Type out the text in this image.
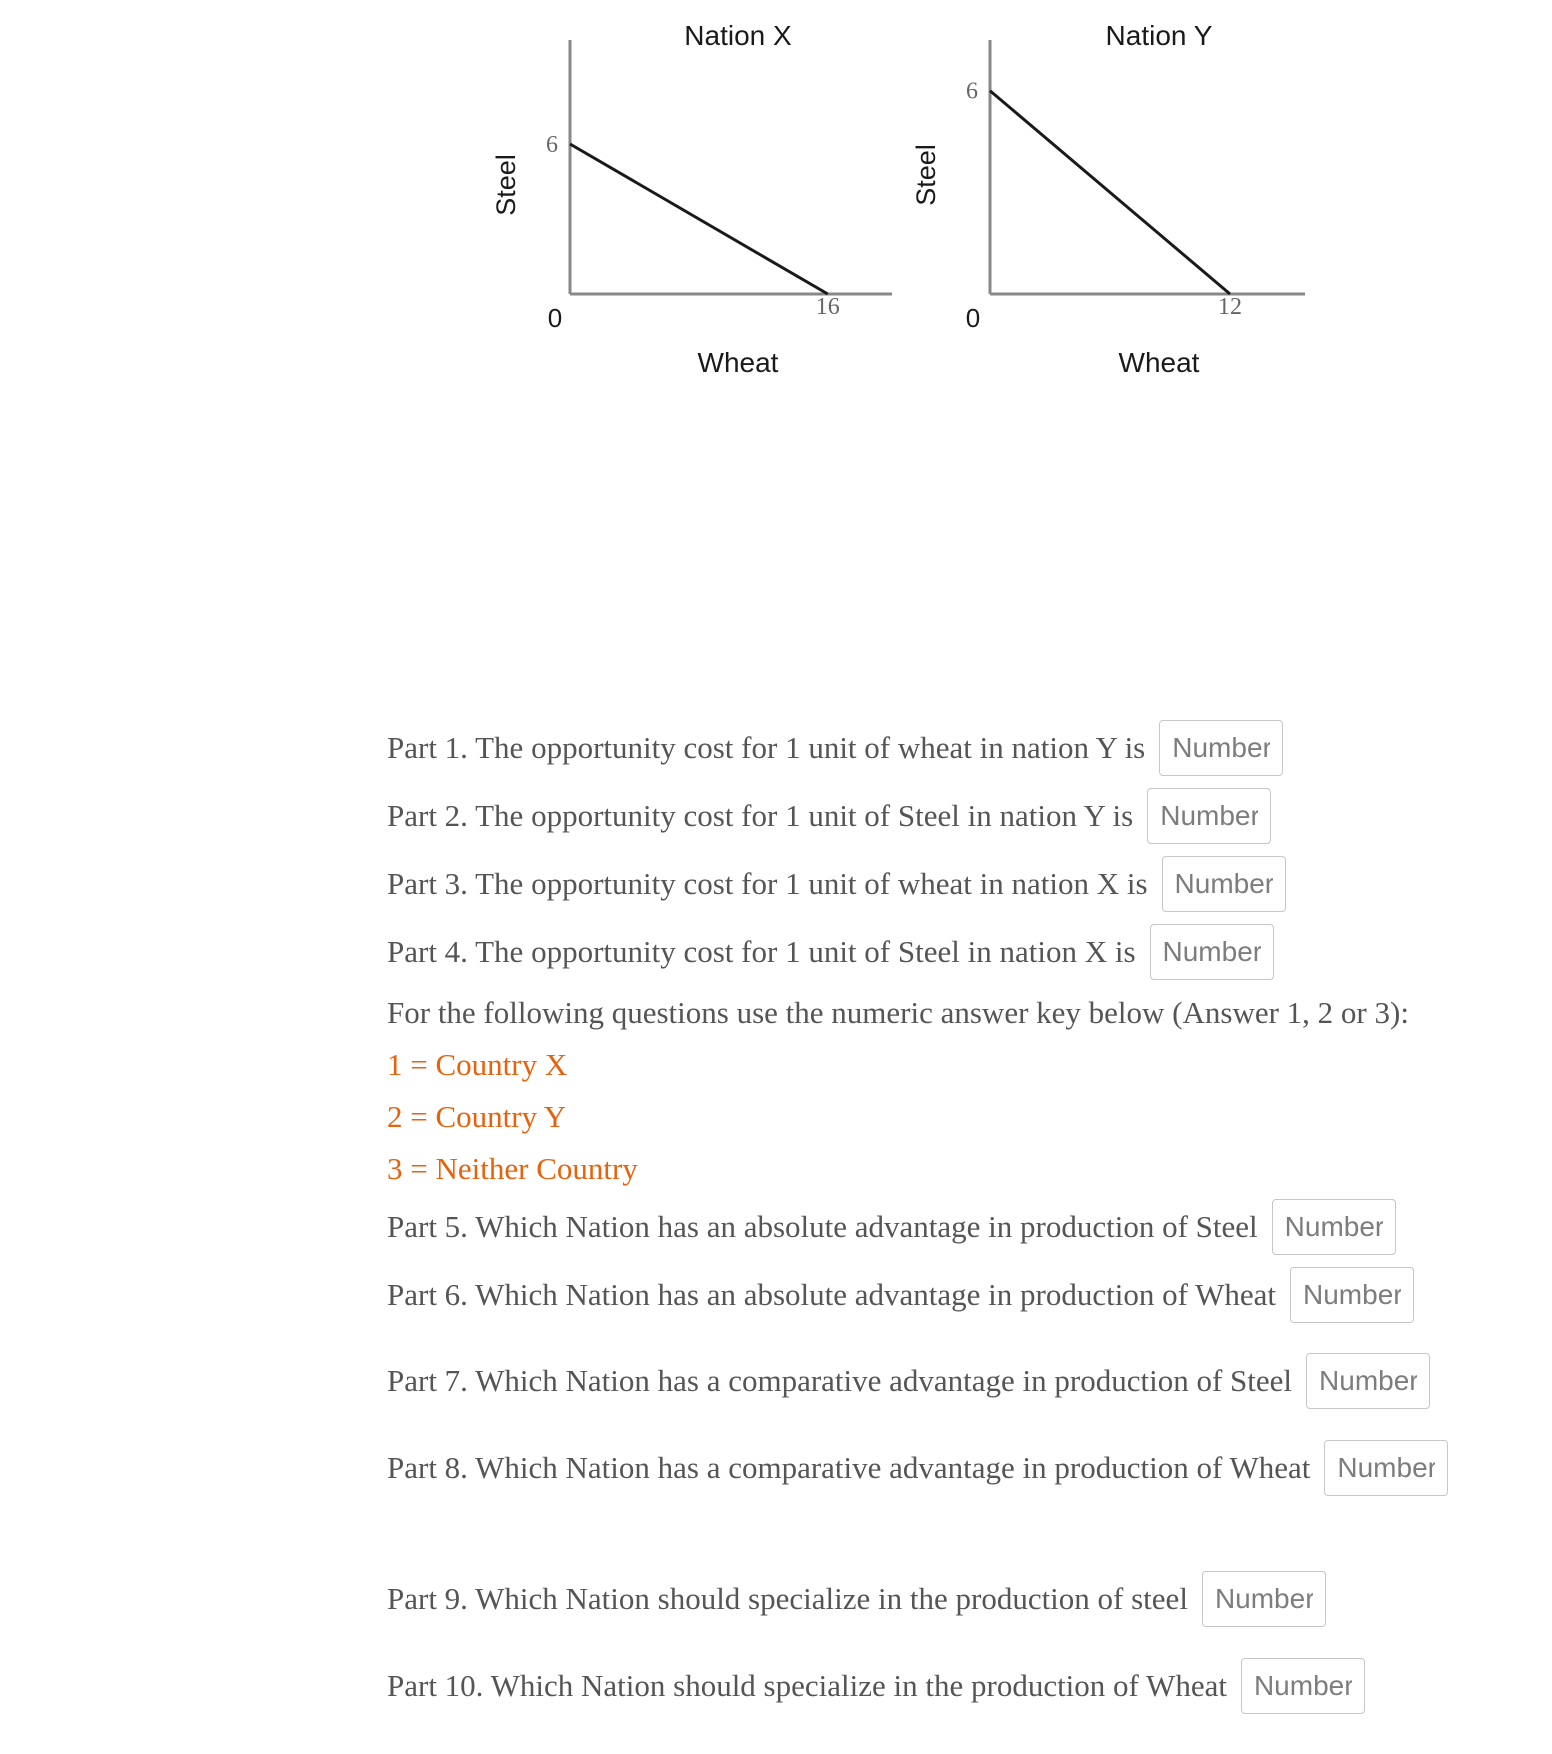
Nation X
Steel
Wheat
0
6
16
Nation Y
Steel
Wheat
0
6
12
Part 1. The opportunity cost for 1 unit of wheat in nation Y is
Number
Part 2. The opportunity cost for 1 unit of Steel in nation Y is
Number
Part 3. The opportunity cost for 1 unit of wheat in nation X is
Number
Part 4. The opportunity cost for 1 unit of Steel in nation X is
Number
For the following questions use the numeric answer key below (Answer 1, 2 or 3):
1 = Country X
2 = Country Y
3 = Neither Country
Part 5. Which Nation has an absolute advantage in production of Steel
Number
Part 6. Which Nation has an absolute advantage in production of Wheat
Number
Part 7. Which Nation has a comparative advantage in production of Steel
Number
Part 8. Which Nation has a comparative advantage in production of Wheat
Number
Part 9. Which Nation should specialize in the production of steel
Number
Part 10. Which Nation should specialize in the production of Wheat
Number
